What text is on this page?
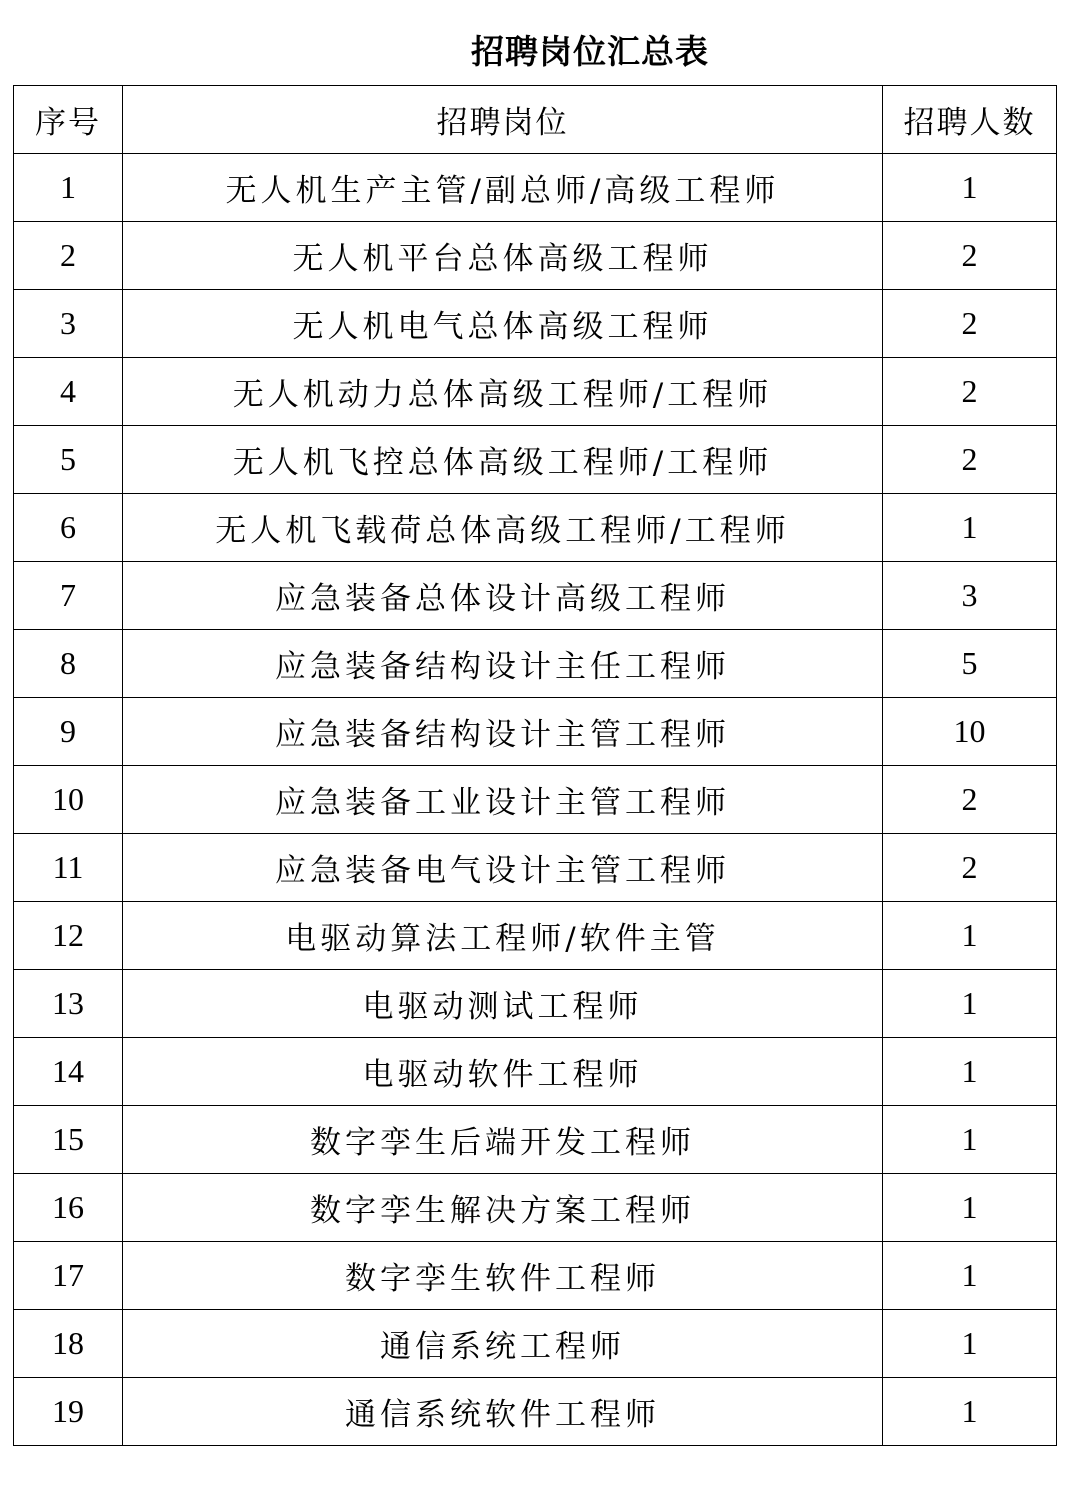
招聘岗位汇总表
序号	招聘岗位	招聘人数
1	无人机生产主管/副总师/高级工程师	1
2	无人机平台总体高级工程师	2
3	无人机电气总体高级工程师	2
4	无人机动力总体高级工程师/工程师	2
5	无人机飞控总体高级工程师/工程师	2
6	无人机飞载荷总体高级工程师/工程师	1
7	应急装备总体设计高级工程师	3
8	应急装备结构设计主任工程师	5
9	应急装备结构设计主管工程师	10
10	应急装备工业设计主管工程师	2
11	应急装备电气设计主管工程师	2
12	电驱动算法工程师/软件主管	1
13	电驱动测试工程师	1
14	电驱动软件工程师	1
15	数字孪生后端开发工程师	1
16	数字孪生解决方案工程师	1
17	数字孪生软件工程师	1
18	通信系统工程师	1
19	通信系统软件工程师	1
